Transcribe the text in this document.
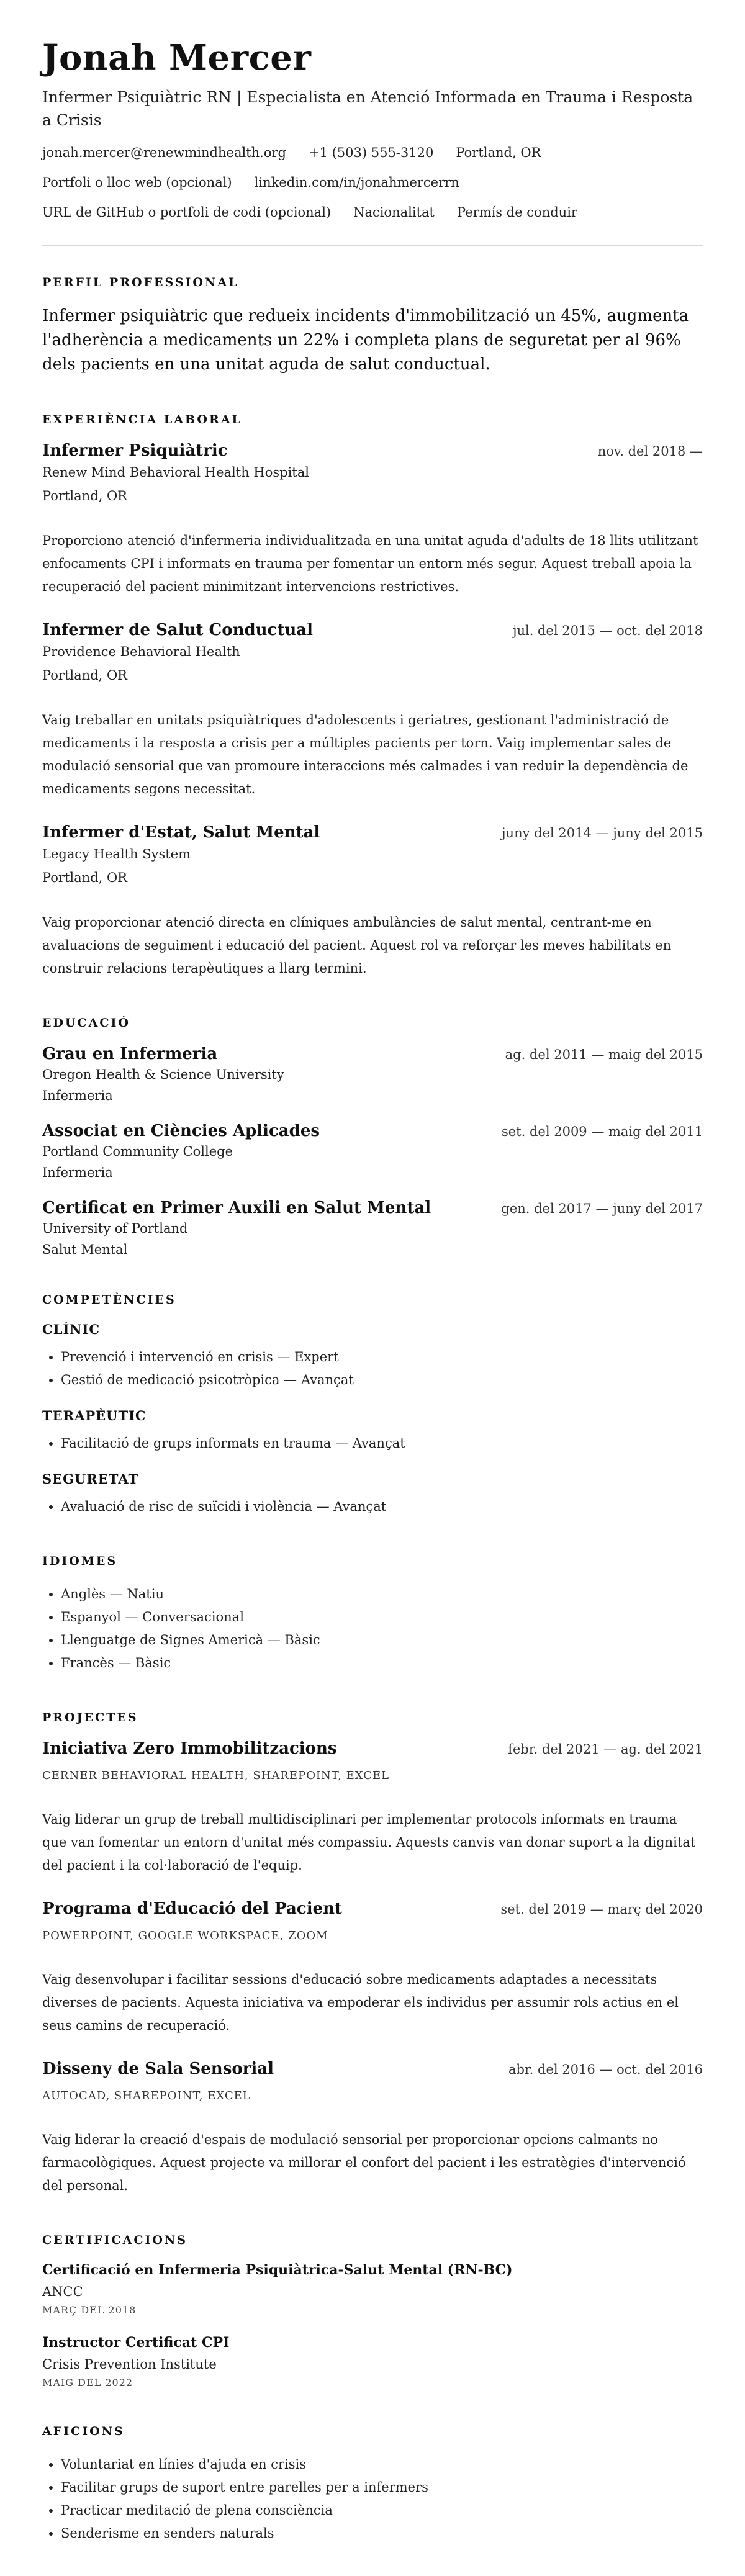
Jonah Mercer
Infermer Psiquiàtric RN | Especialista en Atenció Informada en Trauma i Resposta a Crisis
jonah.mercer@renewmindhealth.org +1 (503) 555-3120 Portland, OR
Portfoli o lloc web (opcional) linkedin.com/in/jonahmercerrn
URL de GitHub o portfoli de codi (opcional) Nacionalitat Permís de conduir
PERFIL PROFESSIONAL
Infermer psiquiàtric que redueix incidents d'immobilització un 45%, augmenta l'adherència a medicaments un 22% i completa plans de seguretat per al 96% dels pacients en una unitat aguda de salut conductual.
EXPERIÈNCIA LABORAL
Infermer Psiquiàtric	nov. del 2018 —
Renew Mind Behavioral Health Hospital
Portland, OR
Proporciono atenció d'infermeria individualitzada en una unitat aguda d'adults de 18 llits utilitzant enfocaments CPI i informats en trauma per fomentar un entorn més segur. Aquest treball apoia la recuperació del pacient minimitzant intervencions restrictives.
Infermer de Salut Conductual	jul. del 2015 — oct. del 2018
Providence Behavioral Health
Portland, OR
Vaig treballar en unitats psiquiàtriques d'adolescents i geriatres, gestionant l'administració de medicaments i la resposta a crisis per a múltiples pacients per torn. Vaig implementar sales de modulació sensorial que van promoure interaccions més calmades i van reduir la dependència de medicaments segons necessitat.
Infermer d'Estat, Salut Mental	juny del 2014 — juny del 2015
Legacy Health System
Portland, OR
Vaig proporcionar atenció directa en clíniques ambulàncies de salut mental, centrant-me en avaluacions de seguiment i educació del pacient. Aquest rol va reforçar les meves habilitats en construir relacions terapèutiques a llarg termini.
EDUCACIÓ
Grau en Infermeria	ag. del 2011 — maig del 2015
Oregon Health & Science University
Infermeria
Associat en Ciències Aplicades	set. del 2009 — maig del 2011
Portland Community College
Infermeria
Certificat en Primer Auxili en Salut Mental	gen. del 2017 — juny del 2017
University of Portland
Salut Mental
COMPETÈNCIES
CLÍNIC
• Prevenció i intervenció en crisis — Expert
• Gestió de medicació psicotròpica — Avançat
TERAPÈUTIC
• Facilitació de grups informats en trauma — Avançat
SEGURETAT
• Avaluació de risc de suïcidi i violència — Avançat
IDIOMES
• Anglès — Natiu
• Espanyol — Conversacional
• Llenguatge de Signes Americà — Bàsic
• Francès — Bàsic
PROJECTES
Iniciativa Zero Immobilitzacions	febr. del 2021 — ag. del 2021
CERNER BEHAVIORAL HEALTH, SHAREPOINT, EXCEL
Vaig liderar un grup de treball multidisciplinari per implementar protocols informats en trauma que van fomentar un entorn d'unitat més compassiu. Aquests canvis van donar suport a la dignitat del pacient i la col·laboració de l'equip.
Programa d'Educació del Pacient	set. del 2019 — març del 2020
POWERPOINT, GOOGLE WORKSPACE, ZOOM
Vaig desenvolupar i facilitar sessions d'educació sobre medicaments adaptades a necessitats diverses de pacients. Aquesta iniciativa va empoderar els individus per assumir rols actius en el seus camins de recuperació.
Disseny de Sala Sensorial	abr. del 2016 — oct. del 2016
AUTOCAD, SHAREPOINT, EXCEL
Vaig liderar la creació d'espais de modulació sensorial per proporcionar opcions calmants no farmacològiques. Aquest projecte va millorar el confort del pacient i les estratègies d'intervenció del personal.
CERTIFICACIONS
Certificació en Infermeria Psiquiàtrica-Salut Mental (RN-BC)
ANCC
MARÇ DEL 2018
Instructor Certificat CPI
Crisis Prevention Institute
MAIG DEL 2022
AFICIONS
• Voluntariat en línies d'ajuda en crisis
• Facilitar grups de suport entre parelles per a infermers
• Practicar meditació de plena consciència
• Senderisme en senders naturals
